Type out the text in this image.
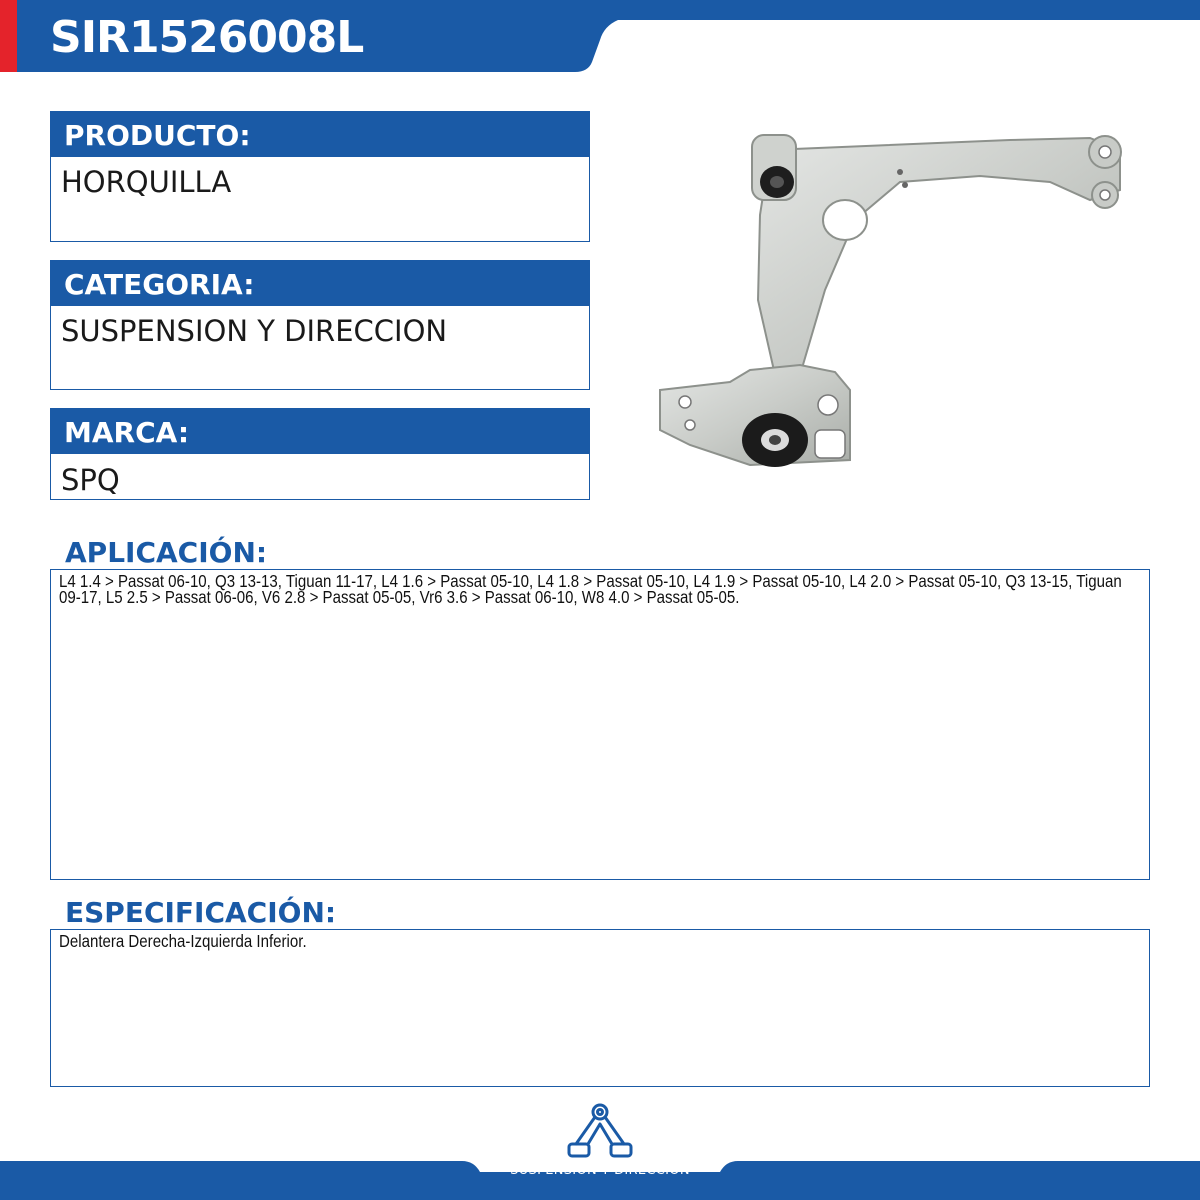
SIR1526008L
PRODUCTO:
HORQUILLA
CATEGORIA:
SUSPENSION Y DIRECCION
MARCA:
SPQ
APLICACIÓN:
L4 1.4 > Passat 06-10, Q3 13-13, Tiguan 11-17, L4 1.6 > Passat 05-10, L4 1.8 > Passat 05-10, L4 1.9 > Passat 05-10, L4 2.0 > Passat 05-10, Q3 13-15, Tiguan 09-17, L5 2.5 > Passat 06-06, V6 2.8 > Passat 05-05, Vr6 3.6 > Passat 06-10, W8 4.0 > Passat 05-05.
ESPECIFICACIÓN:
Delantera Derecha-Izquierda Inferior.
SUSPENSIÓN Y DIRECCIÓN
